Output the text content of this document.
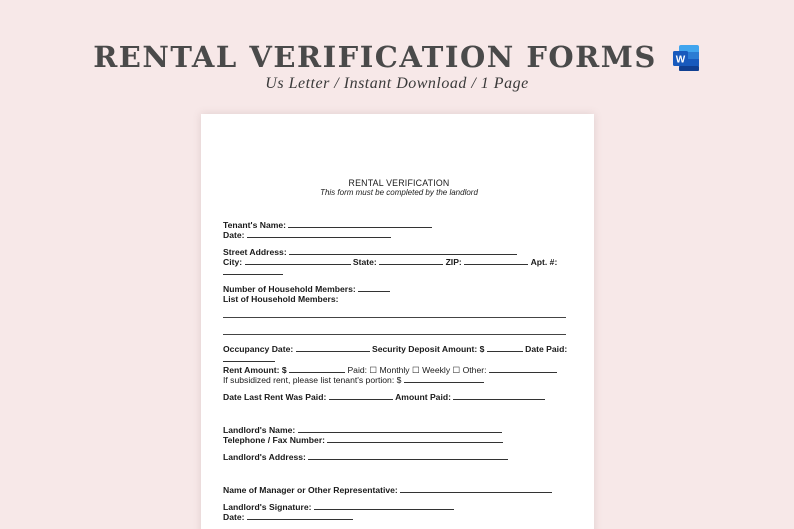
RENTAL VERIFICATION FORMS W
Us Letter / Instant Download / 1 Page
RENTAL VERIFICATION
This form must be completed by the landlord
Tenant's Name:
Date:
Street Address:
City:	State:	ZIP:	Apt. #:
Number of Household Members:
List of Household Members:
Occupancy Date:	Security Deposit Amount: $	Date Paid:
Rent Amount: $	Paid: ☐ Monthly ☐ Weekly ☐ Other:
If subsidized rent, please list tenant's portion: $
Date Last Rent Was Paid:	Amount Paid:
Landlord's Name:
Telephone / Fax Number:
Landlord's Address:
Name of Manager or Other Representative:
Landlord's Signature:
Date:
